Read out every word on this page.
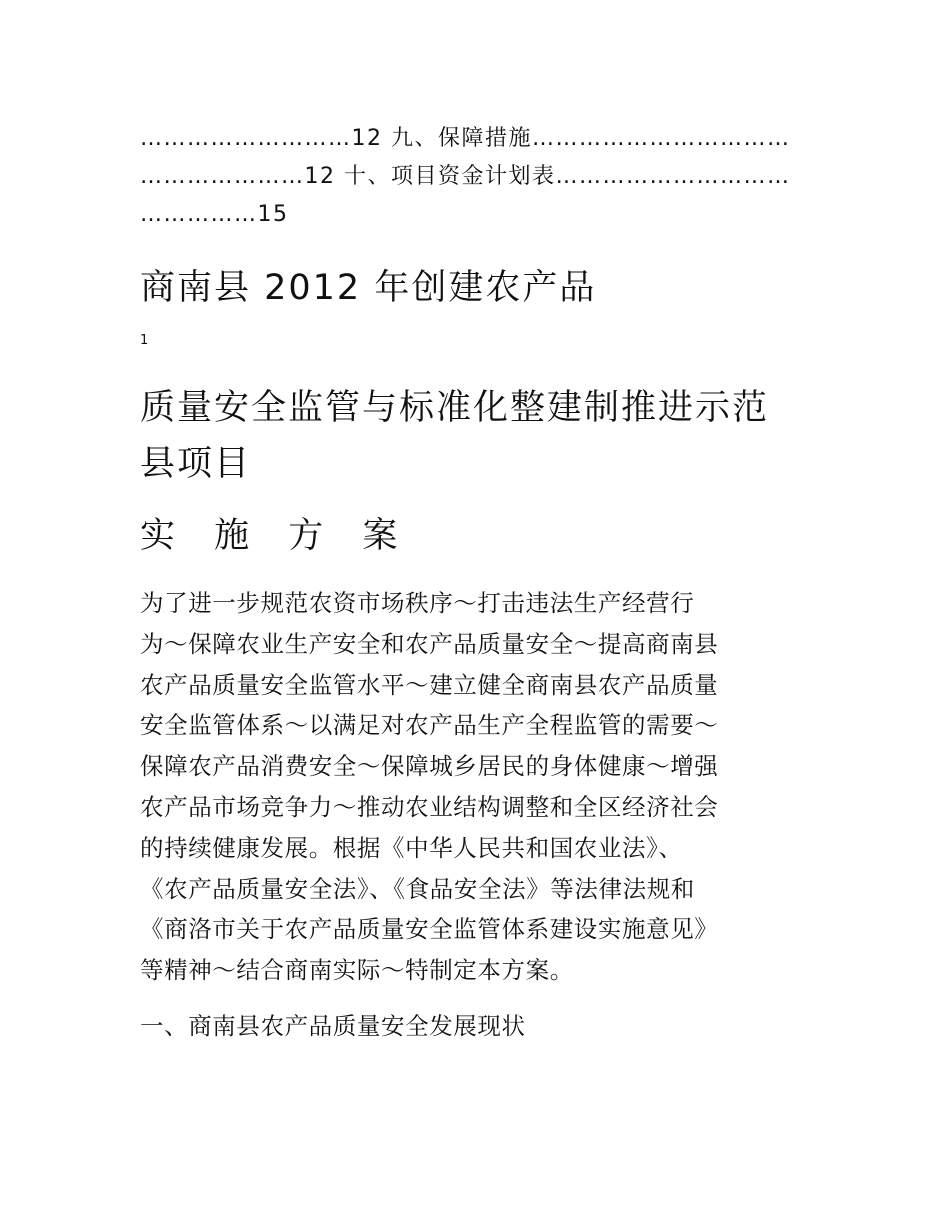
………………………12 九、保障措施……………………………
…………………12 十、项目资金计划表…………………………
……………15
商南县 2012 年创建农产品
1
质量安全监管与标准化整建制推进示范
县项目
实 施 方 案
为了进一步规范农资市场秩序～打击违法生产经营行
为～保障农业生产安全和农产品质量安全～提高商南县
农产品质量安全监管水平～建立健全商南县农产品质量
安全监管体系～以满足对农产品生产全程监管的需要～
保障农产品消费安全～保障城乡居民的身体健康～增强
农产品市场竞争力～推动农业结构调整和全区经济社会
的持续健康发展。根据《中华人民共和国农业法》、
《农产品质量安全法》、《食品安全法》等法律法规和
《商洛市关于农产品质量安全监管体系建设实施意见》
等精神～结合商南实际～特制定本方案。
一、商南县农产品质量安全发展现状
